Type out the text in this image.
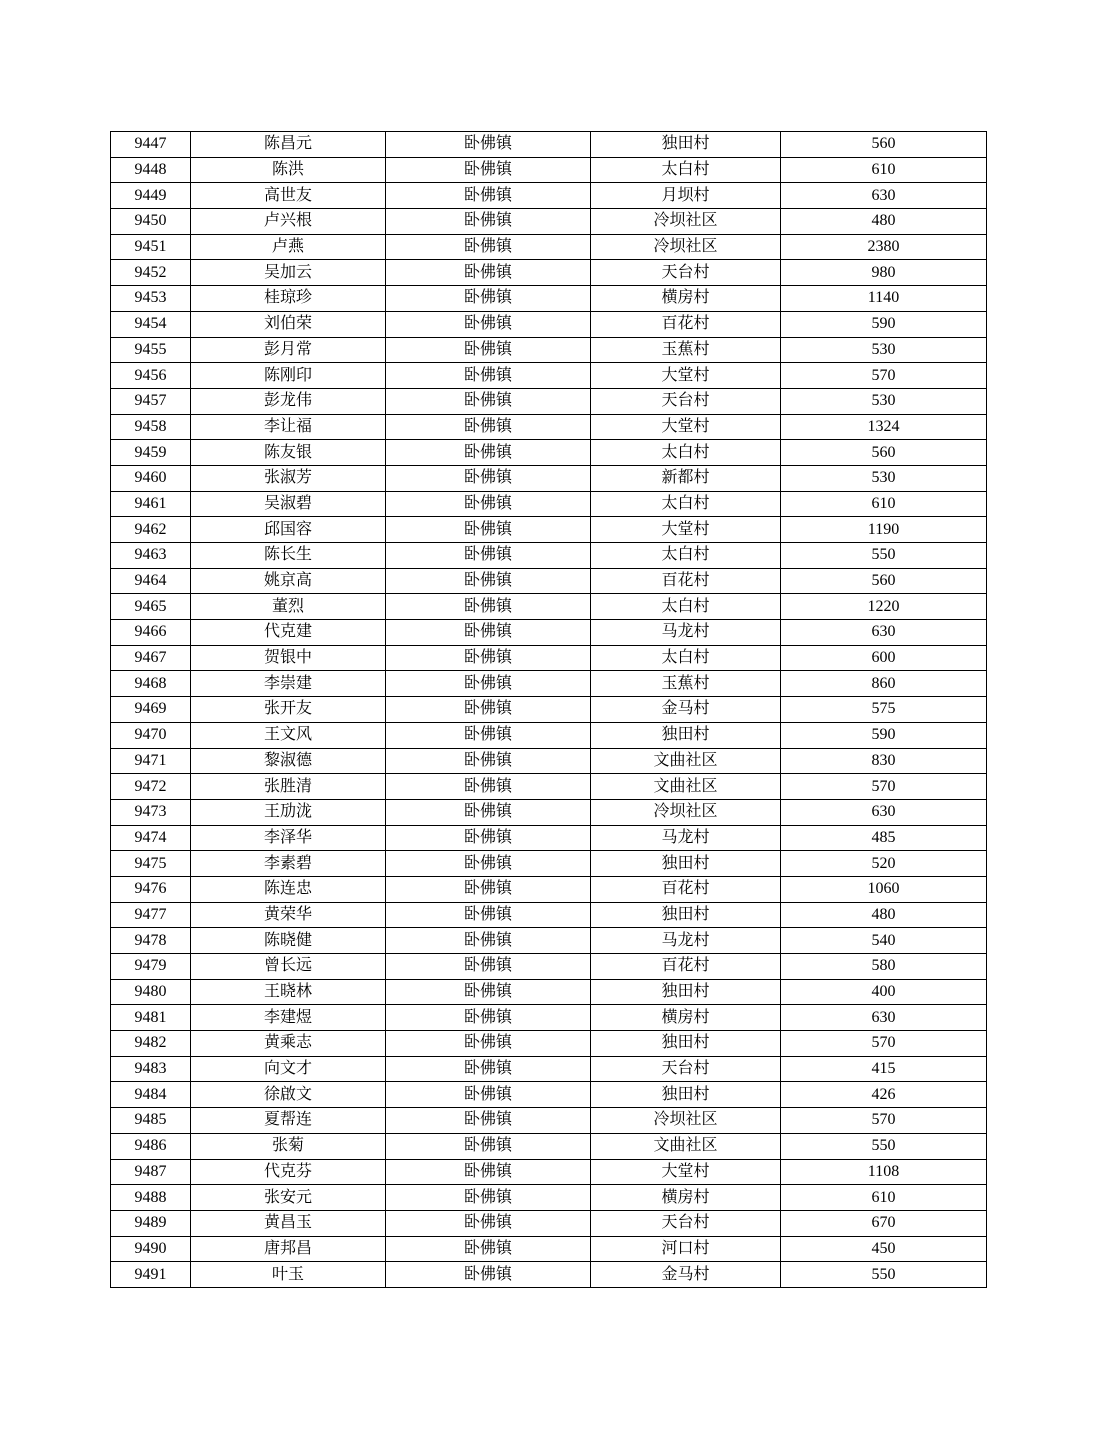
9447	陈昌元	卧佛镇	独田村	560
9448	陈洪	卧佛镇	太白村	610
9449	高世友	卧佛镇	月坝村	630
9450	卢兴根	卧佛镇	冷坝社区	480
9451	卢燕	卧佛镇	冷坝社区	2380
9452	吴加云	卧佛镇	天台村	980
9453	桂琼珍	卧佛镇	横房村	1140
9454	刘伯荣	卧佛镇	百花村	590
9455	彭月常	卧佛镇	玉蕉村	530
9456	陈刚印	卧佛镇	大堂村	570
9457	彭龙伟	卧佛镇	天台村	530
9458	李让福	卧佛镇	大堂村	1324
9459	陈友银	卧佛镇	太白村	560
9460	张淑芳	卧佛镇	新都村	530
9461	吴淑碧	卧佛镇	太白村	610
9462	邱国容	卧佛镇	大堂村	1190
9463	陈长生	卧佛镇	太白村	550
9464	姚京高	卧佛镇	百花村	560
9465	董烈	卧佛镇	太白村	1220
9466	代克建	卧佛镇	马龙村	630
9467	贺银中	卧佛镇	太白村	600
9468	李崇建	卧佛镇	玉蕉村	860
9469	张开友	卧佛镇	金马村	575
9470	王文风	卧佛镇	独田村	590
9471	黎淑德	卧佛镇	文曲社区	830
9472	张胜清	卧佛镇	文曲社区	570
9473	王劢泷	卧佛镇	冷坝社区	630
9474	李泽华	卧佛镇	马龙村	485
9475	李素碧	卧佛镇	独田村	520
9476	陈连忠	卧佛镇	百花村	1060
9477	黄荣华	卧佛镇	独田村	480
9478	陈晓健	卧佛镇	马龙村	540
9479	曾长远	卧佛镇	百花村	580
9480	王晓林	卧佛镇	独田村	400
9481	李建煜	卧佛镇	横房村	630
9482	黄乘志	卧佛镇	独田村	570
9483	向文才	卧佛镇	天台村	415
9484	徐啟文	卧佛镇	独田村	426
9485	夏帮连	卧佛镇	冷坝社区	570
9486	张菊	卧佛镇	文曲社区	550
9487	代克芬	卧佛镇	大堂村	1108
9488	张安元	卧佛镇	横房村	610
9489	黄昌玉	卧佛镇	天台村	670
9490	唐邦昌	卧佛镇	河口村	450
9491	叶玉	卧佛镇	金马村	550
